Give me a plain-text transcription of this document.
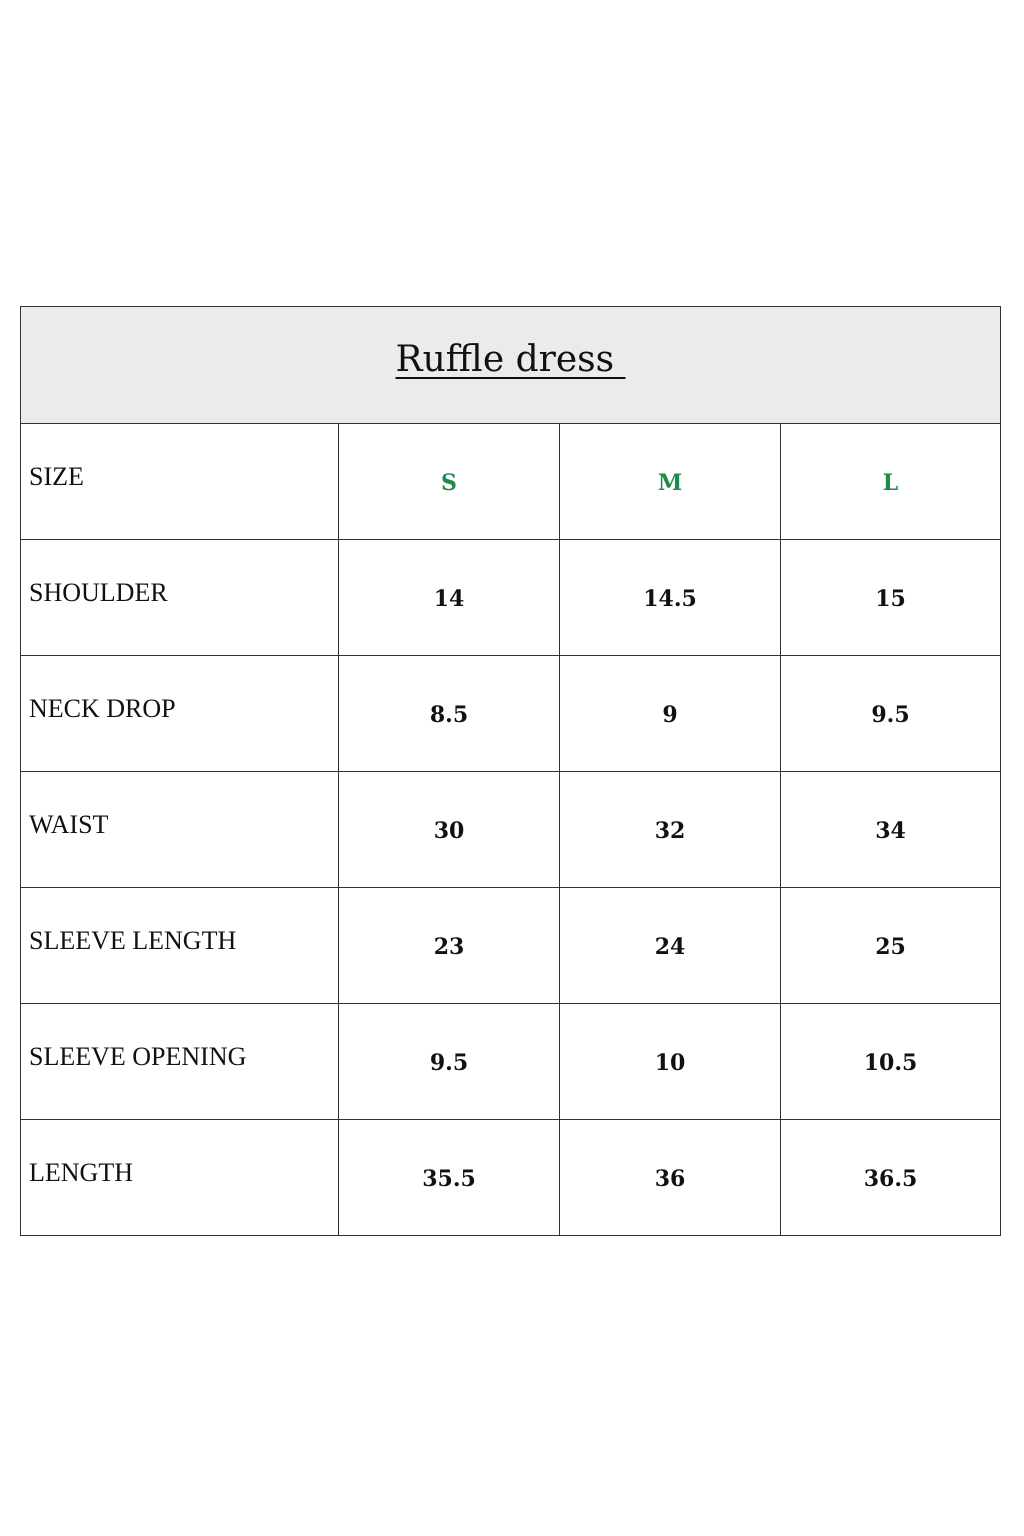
Ruffle dress			

SIZE	S	M	L

SHOULDER	14	14.5	15

NECK DROP	8.5	9	9.5

WAIST	30	32	34

SLEEVE LENGTH	23	24	25

SLEEVE OPENING	9.5	10	10.5

LENGTH	35.5	36	36.5
